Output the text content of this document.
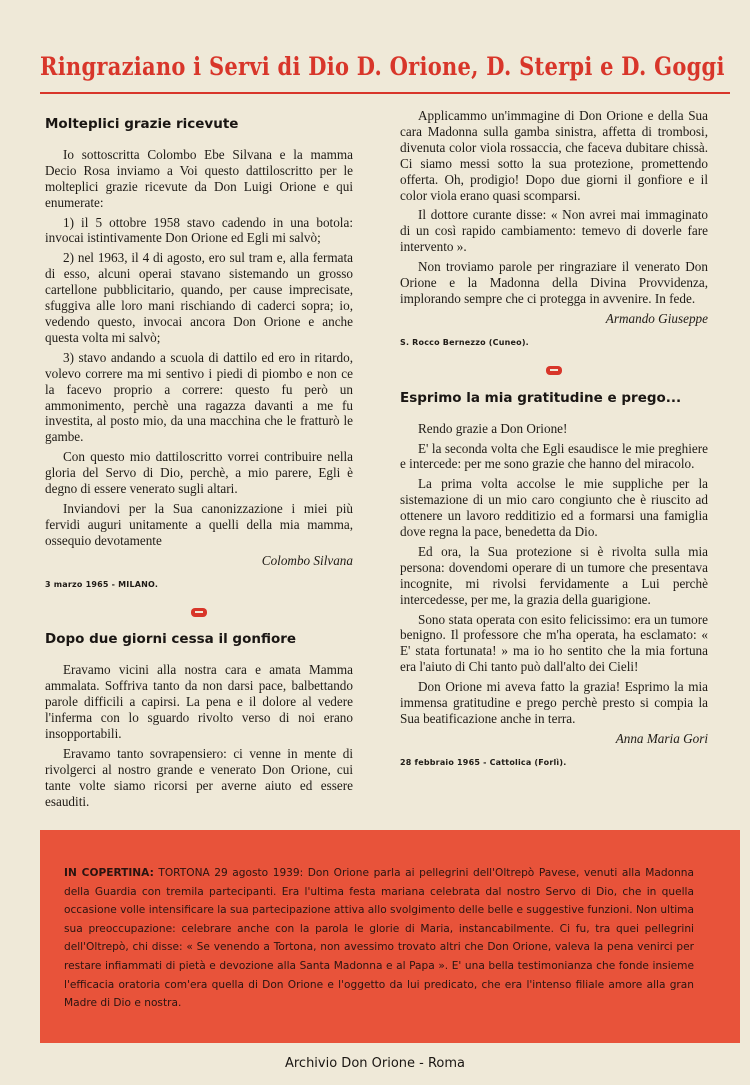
Ringraziano i Servi di Dio D. Orione, D. Sterpi e D. Goggi
Molteplici grazie ricevute

Io sottoscritta Colombo Ebe Silvana e la mamma Decio Rosa inviamo a Voi questo dattiloscritto per le molteplici grazie ricevute da Don Luigi Orione e qui enumerate:

1) il 5 ottobre 1958 stavo cadendo in una botola: invocai istintivamente Don Orione ed Egli mi salvò;

2) nel 1963, il 4 di agosto, ero sul tram e, alla fermata di esso, alcuni operai stavano sistemando un grosso cartellone pubblicitario, quando, per cause imprecisate, sfuggiva alle loro mani rischiando di caderci sopra; io, vedendo questo, invocai ancora Don Orione e anche questa volta mi salvò;

3) stavo andando a scuola di dattilo ed ero in ritardo, volevo correre ma mi sentivo i piedi di piombo e non ce la facevo proprio a correre: questo fu però un ammonimento, perchè una ragazza davanti a me fu investita, al posto mio, da una macchina che le fratturò le gambe.

Con questo mio dattiloscritto vorrei contribuire nella gloria del Servo di Dio, perchè, a mio parere, Egli è degno di essere venerato sugli altari.

Inviandovi per la Sua canonizzazione i miei più fervidi auguri unitamente a quelli della mia mamma, ossequio devotamente

Colombo Silvana
3 marzo 1965 - MILANO.
Dopo due giorni cessa il gonfiore

Eravamo vicini alla nostra cara e amata Mamma ammalata. Soffriva tanto da non darsi pace, balbettando parole difficili a capirsi. La pena e il dolore al vedere l'inferma con lo sguardo rivolto verso di noi erano insopportabili.

Eravamo tanto sovrapensiero: ci venne in mente di rivolgerci al nostro grande e venerato Don Orione, cui tante volte siamo ricorsi per averne aiuto ed essere esauditi.

Applicammo un'immagine di Don Orione e della Sua cara Madonna sulla gamba sinistra, affetta di trombosi, divenuta color viola rossaccia, che faceva dubitare chissà. Ci siamo messi sotto la sua protezione, promettendo offerta. Oh, prodigio! Dopo due giorni il gonfiore e il color viola erano quasi scomparsi.

Il dottore curante disse: « Non avrei mai immaginato di un così rapido cambiamento: temevo di doverle fare intervento ».

Non troviamo parole per ringraziare il venerato Don Orione e la Madonna della Divina Provvidenza, implorando sempre che ci protegga in avvenire. In fede.

Armando Giuseppe
S. Rocco Bernezzo (Cuneo).
Esprimo la mia gratitudine e prego...

Rendo grazie a Don Orione!

E' la seconda volta che Egli esaudisce le mie preghiere e intercede: per me sono grazie che hanno del miracolo.

La prima volta accolse le mie suppliche per la sistemazione di un mio caro congiunto che è riuscito ad ottenere un lavoro redditizio ed a formarsi una famiglia dove regna la pace, benedetta da Dio.

Ed ora, la Sua protezione si è rivolta sulla mia persona: dovendomi operare di un tumore che presentava incognite, mi rivolsi fervidamente a Lui perchè intercedesse, per me, la grazia della guarigione.

Sono stata operata con esito felicissimo: era un tumore benigno. Il professore che m'ha operata, ha esclamato: « E' stata fortunata! » ma io ho sentito che la mia fortuna era l'aiuto di Chi tanto può dall'alto dei Cieli!

Don Orione mi aveva fatto la grazia! Esprimo la mia immensa gratitudine e prego perchè presto si compia la Sua beatificazione anche in terra.

Anna Maria Gori
28 febbraio 1965 - Cattolica (Forlì).
IN COPERTINA: TORTONA 29 agosto 1939: Don Orione parla ai pellegrini dell'Oltrepò Pavese, venuti alla Madonna della Guardia con tremila partecipanti. Era l'ultima festa mariana celebrata dal nostro Servo di Dio, che in quella occasione volle intensificare la sua partecipazione attiva allo svolgimento delle belle e suggestive funzioni. Non ultima sua preoccupazione: celebrare anche con la parola le glorie di Maria, instancabilmente. Ci fu, tra quei pellegrini dell'Oltrepò, chi disse: « Se venendo a Tortona, non avessimo trovato altri che Don Orione, valeva la pena venirci per restare infiammati di pietà e devozione alla Santa Madonna e al Papa ». E' una bella testimonianza che fonde insieme l'efficacia oratoria com'era quella di Don Orione e l'oggetto da lui predicato, che era l'intenso filiale amore alla gran Madre di Dio e nostra.
Archivio Don Orione - Roma
